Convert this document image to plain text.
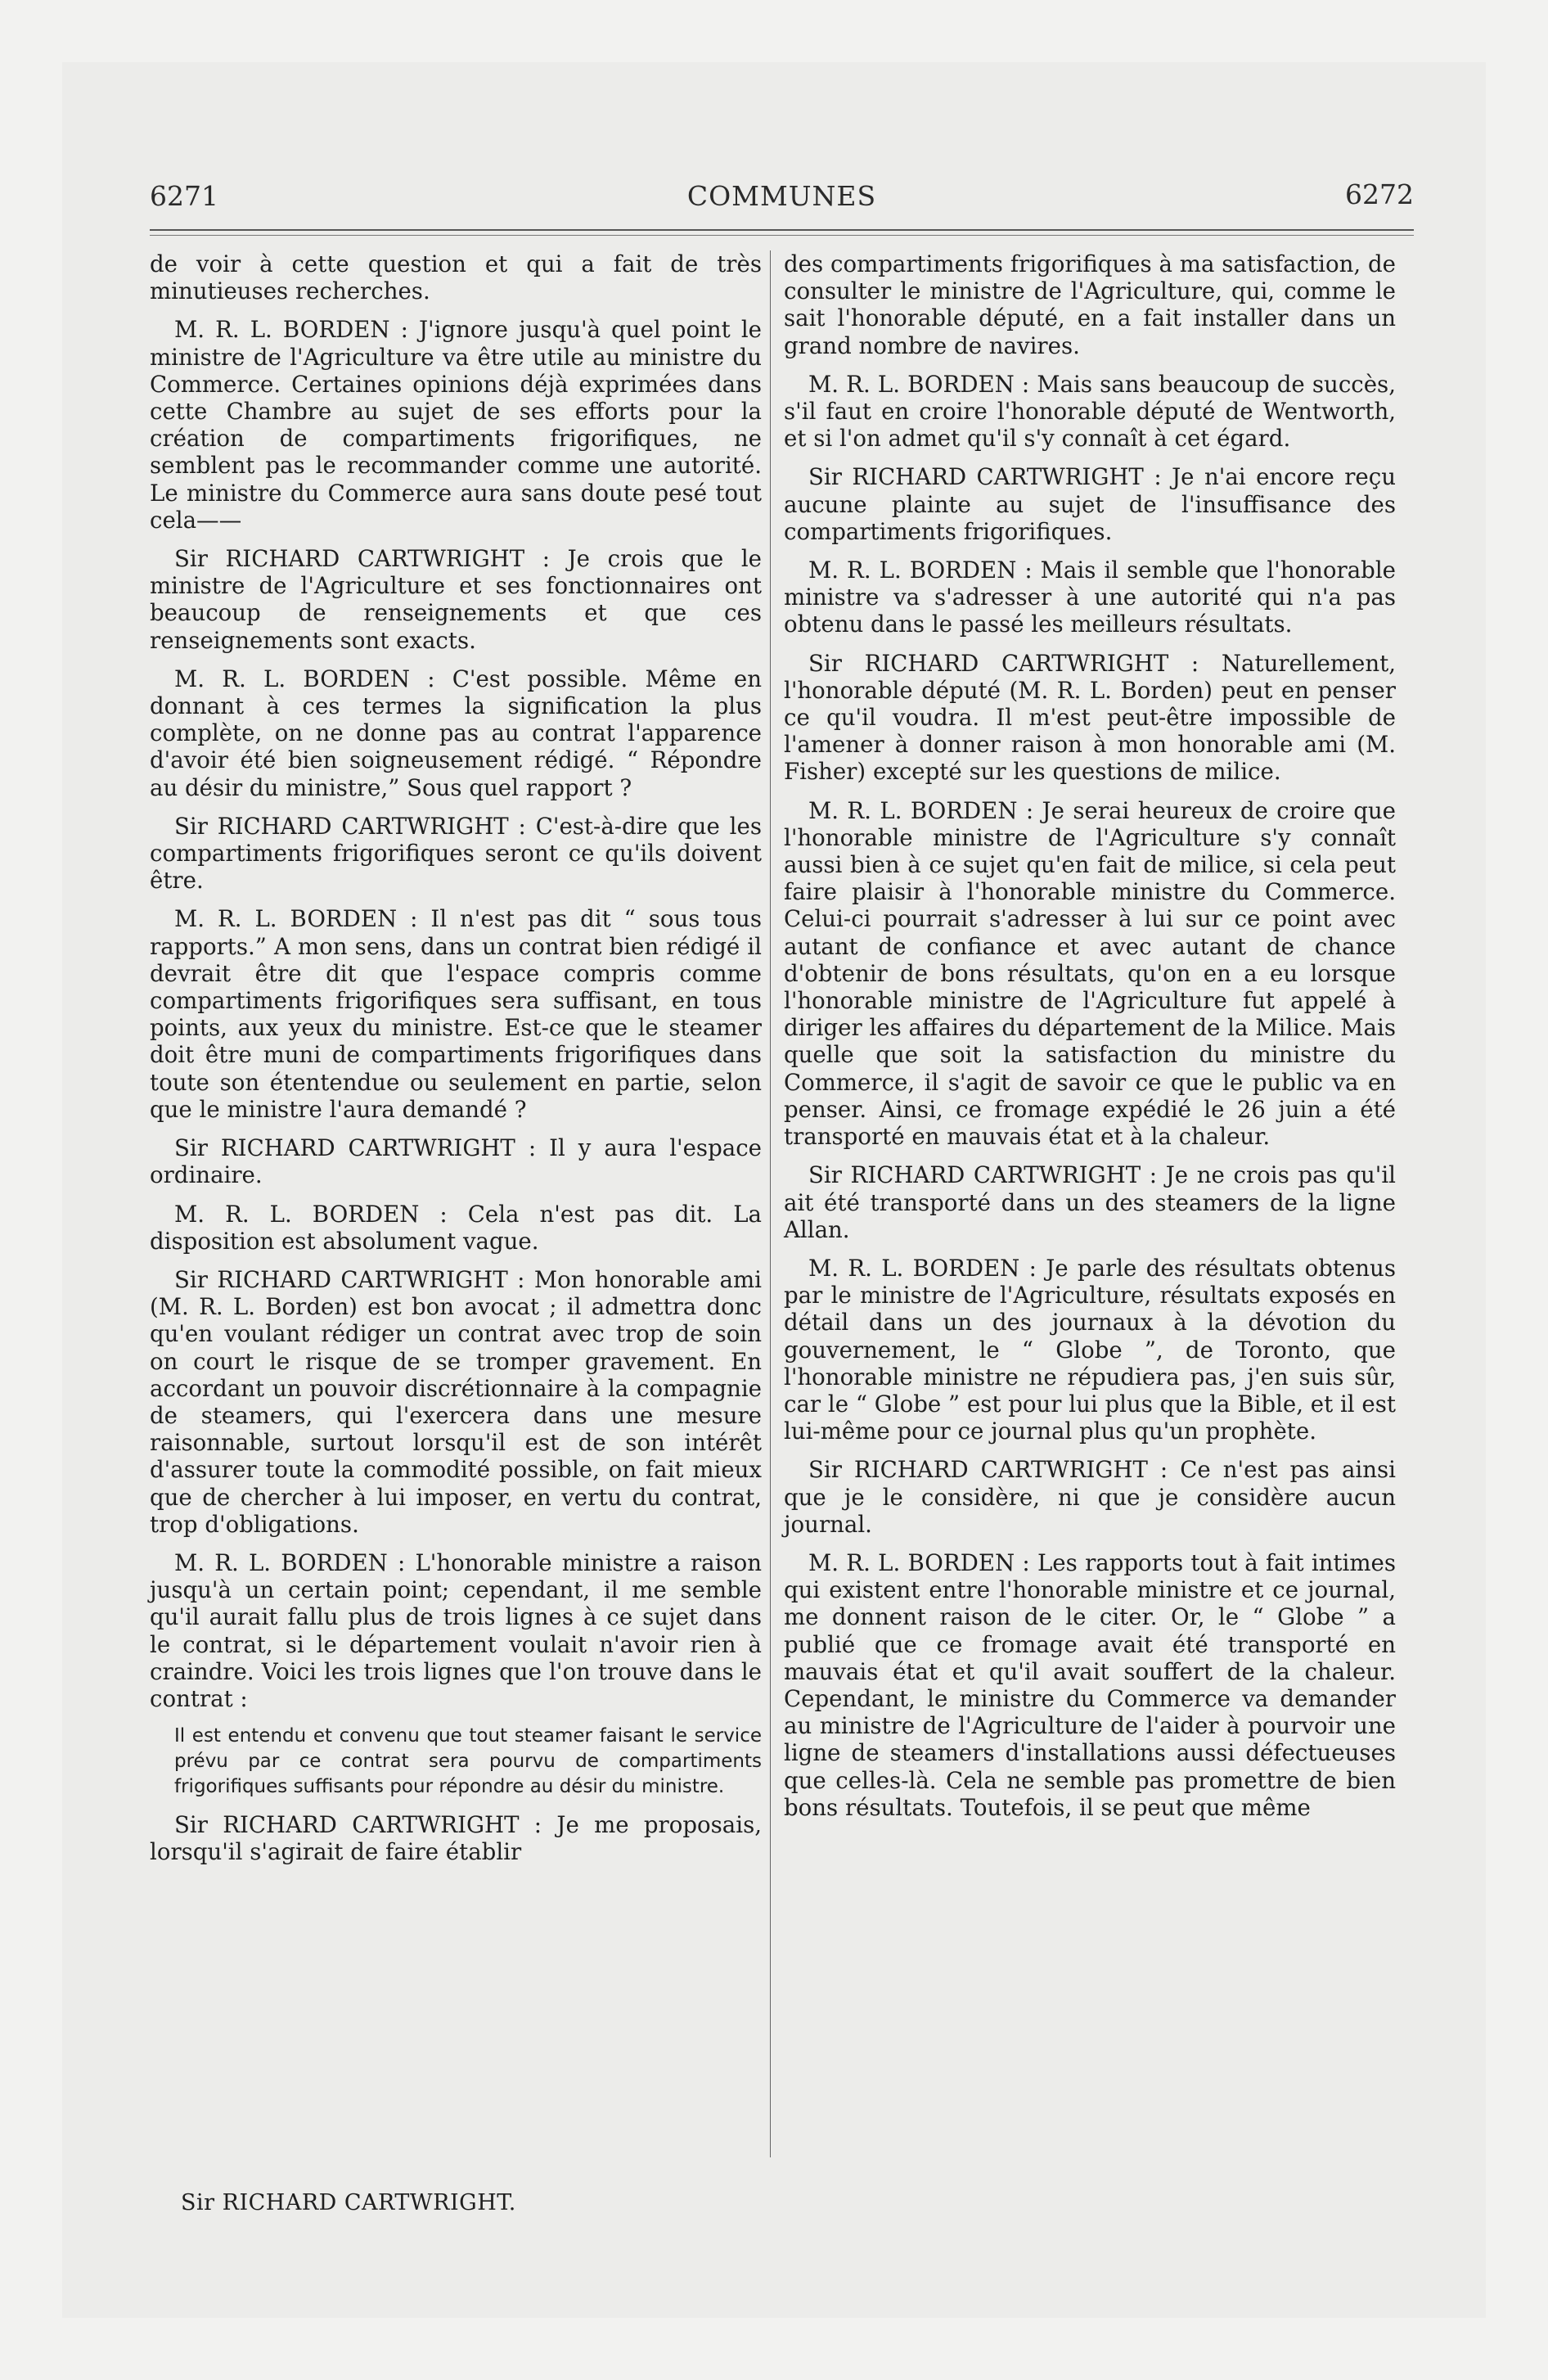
6271	COMMUNES	6272

de voir à cette question et qui a fait de très minutieuses recherches.

M. R. L. BORDEN : J'ignore jusqu'à quel point le ministre de l'Agriculture va être utile au ministre du Commerce. Certaines opinions déjà exprimées dans cette Chambre au sujet de ses efforts pour la création de compartiments frigorifiques, ne semblent pas le recommander comme une autorité. Le ministre du Commerce aura sans doute pesé tout cela——

Sir RICHARD CARTWRIGHT : Je crois que le ministre de l'Agriculture et ses fonctionnaires ont beaucoup de renseignements et que ces renseignements sont exacts.

M. R. L. BORDEN : C'est possible. Même en donnant à ces termes la signification la plus complète, on ne donne pas au contrat l'apparence d'avoir été bien soigneusement rédigé. “ Répondre au désir du ministre,” Sous quel rapport ?

Sir RICHARD CARTWRIGHT : C'est-à-dire que les compartiments frigorifiques seront ce qu'ils doivent être.

M. R. L. BORDEN : Il n'est pas dit “ sous tous rapports.” A mon sens, dans un contrat bien rédigé il devrait être dit que l'espace compris comme compartiments frigorifiques sera suffisant, en tous points, aux yeux du ministre. Est-ce que le steamer doit être muni de compartiments frigorifiques dans toute son étentendue ou seulement en partie, selon que le ministre l'aura demandé ?

Sir RICHARD CARTWRIGHT : Il y aura l'espace ordinaire.

M. R. L. BORDEN : Cela n'est pas dit. La disposition est absolument vague.

Sir RICHARD CARTWRIGHT : Mon honorable ami (M. R. L. Borden) est bon avocat ; il admettra donc qu'en voulant rédiger un contrat avec trop de soin on court le risque de se tromper gravement. En accordant un pouvoir discrétionnaire à la compagnie de steamers, qui l'exercera dans une mesure raisonnable, surtout lorsqu'il est de son intérêt d'assurer toute la commodité possible, on fait mieux que de chercher à lui imposer, en vertu du contrat, trop d'obligations.

M. R. L. BORDEN : L'honorable ministre a raison jusqu'à un certain point; cependant, il me semble qu'il aurait fallu plus de trois lignes à ce sujet dans le contrat, si le département voulait n'avoir rien à craindre. Voici les trois lignes que l'on trouve dans le contrat :

Il est entendu et convenu que tout steamer faisant le service prévu par ce contrat sera pourvu de compartiments frigorifiques suffisants pour répondre au désir du ministre.

Sir RICHARD CARTWRIGHT : Je me proposais, lorsqu'il s'agirait de faire établir

des compartiments frigorifiques à ma satisfaction, de consulter le ministre de l'Agriculture, qui, comme le sait l'honorable député, en a fait installer dans un grand nombre de navires.

M. R. L. BORDEN : Mais sans beaucoup de succès, s'il faut en croire l'honorable député de Wentworth, et si l'on admet qu'il s'y connaît à cet égard.

Sir RICHARD CARTWRIGHT : Je n'ai encore reçu aucune plainte au sujet de l'insuffisance des compartiments frigorifiques.

M. R. L. BORDEN : Mais il semble que l'honorable ministre va s'adresser à une autorité qui n'a pas obtenu dans le passé les meilleurs résultats.

Sir RICHARD CARTWRIGHT : Naturellement, l'honorable député (M. R. L. Borden) peut en penser ce qu'il voudra. Il m'est peut-être impossible de l'amener à donner raison à mon honorable ami (M. Fisher) excepté sur les questions de milice.

M. R. L. BORDEN : Je serai heureux de croire que l'honorable ministre de l'Agriculture s'y connaît aussi bien à ce sujet qu'en fait de milice, si cela peut faire plaisir à l'honorable ministre du Commerce. Celui-ci pourrait s'adresser à lui sur ce point avec autant de confiance et avec autant de chance d'obtenir de bons résultats, qu'on en a eu lorsque l'honorable ministre de l'Agriculture fut appelé à diriger les affaires du département de la Milice. Mais quelle que soit la satisfaction du ministre du Commerce, il s'agit de savoir ce que le public va en penser. Ainsi, ce fromage expédié le 26 juin a été transporté en mauvais état et à la chaleur.

Sir RICHARD CARTWRIGHT : Je ne crois pas qu'il ait été transporté dans un des steamers de la ligne Allan.

M. R. L. BORDEN : Je parle des résultats obtenus par le ministre de l'Agriculture, résultats exposés en détail dans un des journaux à la dévotion du gouvernement, le “ Globe ”, de Toronto, que l'honorable ministre ne répudiera pas, j'en suis sûr, car le “ Globe ” est pour lui plus que la Bible, et il est lui-même pour ce journal plus qu'un prophète.

Sir RICHARD CARTWRIGHT : Ce n'est pas ainsi que je le considère, ni que je considère aucun journal.

M. R. L. BORDEN : Les rapports tout à fait intimes qui existent entre l'honorable ministre et ce journal, me donnent raison de le citer. Or, le “ Globe ” a publié que ce fromage avait été transporté en mauvais état et qu'il avait souffert de la chaleur. Cependant, le ministre du Commerce va demander au ministre de l'Agriculture de l'aider à pourvoir une ligne de steamers d'installations aussi défectueuses que celles-là. Cela ne semble pas promettre de bien bons résultats. Toutefois, il se peut que même

Sir RICHARD CARTWRIGHT.
